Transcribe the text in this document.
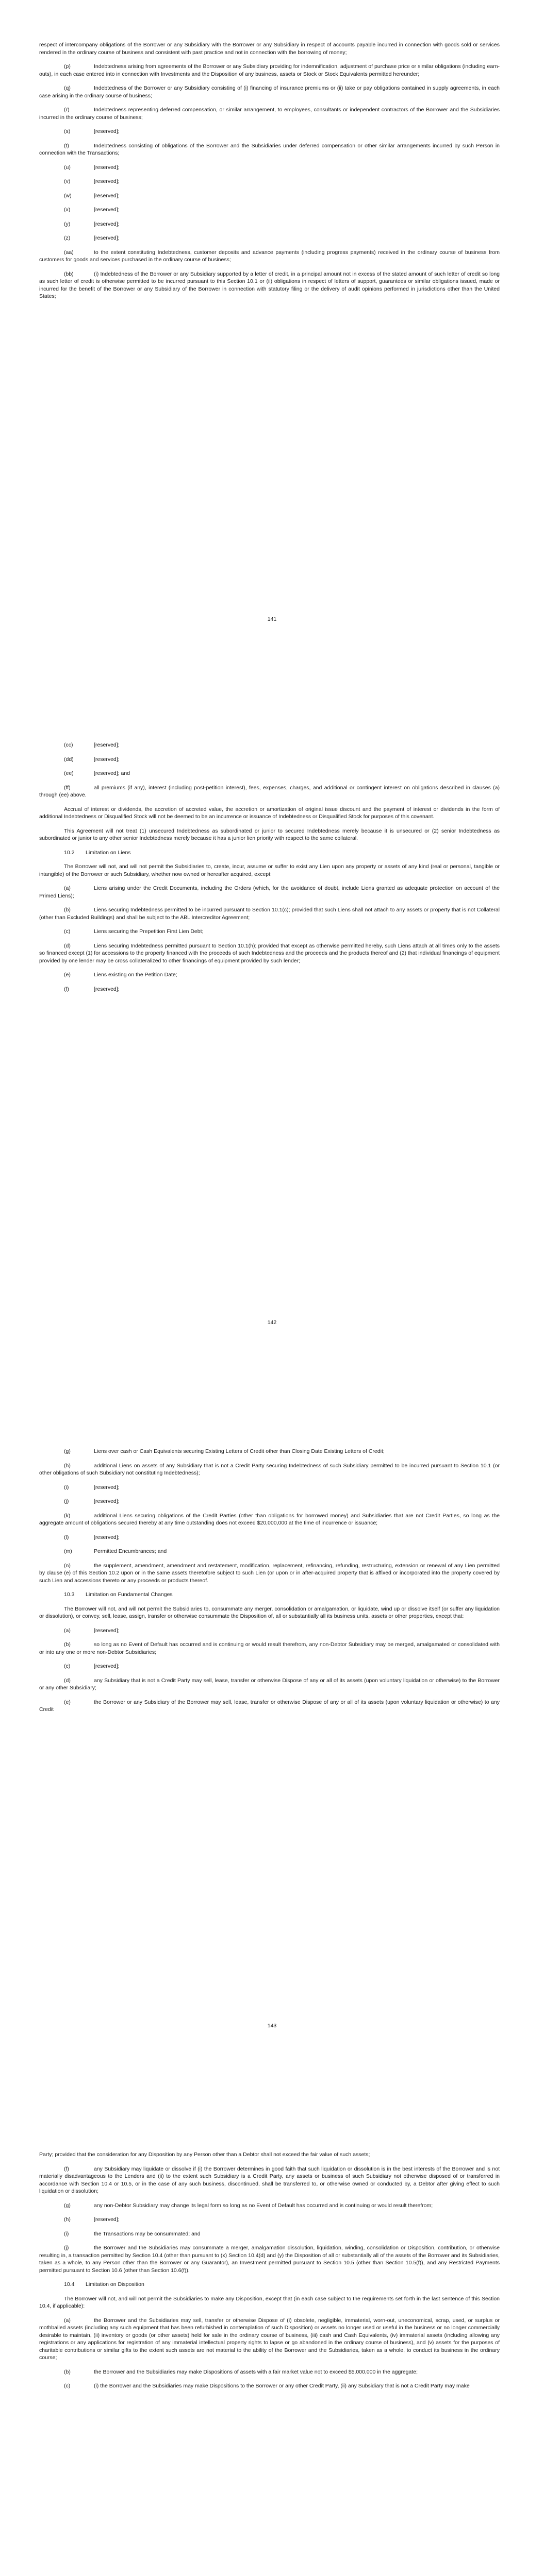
respect of intercompany obligations of the Borrower or any Subsidiary with the Borrower or any Subsidiary in respect of accounts payable incurred in connection with goods sold or services rendered in the ordinary course of business and consistent with past practice and not in connection with the borrowing of money;

(p)	Indebtedness arising from agreements of the Borrower or any Subsidiary providing for indemnification, adjustment of purchase price or similar obligations (including earn-outs), in each case entered into in connection with Investments and the Disposition of any business, assets or Stock or Stock Equivalents permitted hereunder;

(q)	Indebtedness of the Borrower or any Subsidiary consisting of (i) financing of insurance premiums or (ii) take or pay obligations contained in supply agreements, in each case arising in the ordinary course of business;

(r)	Indebtedness representing deferred compensation, or similar arrangement, to employees, consultants or independent contractors of the Borrower and the Subsidiaries incurred in the ordinary course of business;

(s)	[reserved];

(t)	Indebtedness consisting of obligations of the Borrower and the Subsidiaries under deferred compensation or other similar arrangements incurred by such Person in connection with the Transactions;

(u)	[reserved];

(v)	[reserved];

(w)	[reserved];

(x)	[reserved];

(y)	[reserved];

(z)	[reserved];

(aa)	to the extent constituting Indebtedness, customer deposits and advance payments (including progress payments) received in the ordinary course of business from customers for goods and services purchased in the ordinary course of business;

(bb)	(i) Indebtedness of the Borrower or any Subsidiary supported by a letter of credit, in a principal amount not in excess of the stated amount of such letter of credit so long as such letter of credit is otherwise permitted to be incurred pursuant to this Section 10.1 or (ii) obligations in respect of letters of support, guarantees or similar obligations issued, made or incurred for the benefit of the Borrower or any Subsidiary of the Borrower in connection with statutory filing or the delivery of audit opinions performed in jurisdictions other than the United States;

141

(cc)	[reserved];

(dd)	[reserved];

(ee)	[reserved]; and

(ff)	all premiums (if any), interest (including post-petition interest), fees, expenses, charges, and additional or contingent interest on obligations described in clauses (a) through (ee) above.

Accrual of interest or dividends, the accretion of accreted value, the accretion or amortization of original issue discount and the payment of interest or dividends in the form of additional Indebtedness or Disqualified Stock will not be deemed to be an incurrence or issuance of Indebtedness or Disqualified Stock for purposes of this covenant.

This Agreement will not treat (1) unsecured Indebtedness as subordinated or junior to secured Indebtedness merely because it is unsecured or (2) senior Indebtedness as subordinated or junior to any other senior Indebtedness merely because it has a junior lien priority with respect to the same collateral.

10.2 Limitation on Liens

The Borrower will not, and will not permit the Subsidiaries to, create, incur, assume or suffer to exist any Lien upon any property or assets of any kind (real or personal, tangible or intangible) of the Borrower or such Subsidiary, whether now owned or hereafter acquired, except:

(a)	Liens arising under the Credit Documents, including the Orders (which, for the avoidance of doubt, include Liens granted as adequate protection on account of the Primed Liens);

(b)	Liens securing Indebtedness permitted to be incurred pursuant to Section 10.1(c); provided that such Liens shall not attach to any assets or property that is not Collateral (other than Excluded Buildings) and shall be subject to the ABL Intercreditor Agreement;

(c)	Liens securing the Prepetition First Lien Debt;

(d)	Liens securing Indebtedness permitted pursuant to Section 10.1(h); provided that except as otherwise permitted hereby, such Liens attach at all times only to the assets so financed except (1) for accessions to the property financed with the proceeds of such Indebtedness and the proceeds and the products thereof and (2) that individual financings of equipment provided by one lender may be cross collateralized to other financings of equipment provided by such lender;

(e)	Liens existing on the Petition Date;

(f)	[reserved];

142

(g)	Liens over cash or Cash Equivalents securing Existing Letters of Credit other than Closing Date Existing Letters of Credit;

(h)	additional Liens on assets of any Subsidiary that is not a Credit Party securing Indebtedness of such Subsidiary permitted to be incurred pursuant to Section 10.1 (or other obligations of such Subsidiary not constituting Indebtedness);

(i)	[reserved];

(j)	[reserved];

(k)	additional Liens securing obligations of the Credit Parties (other than obligations for borrowed money) and Subsidiaries that are not Credit Parties, so long as the aggregate amount of obligations secured thereby at any time outstanding does not exceed $20,000,000 at the time of incurrence or issuance;

(l)	[reserved];

(m)	Permitted Encumbrances; and

(n)	the supplement, amendment, amendment and restatement, modification, replacement, refinancing, refunding, restructuring, extension or renewal of any Lien permitted by clause (e) of this Section 10.2 upon or in the same assets theretofore subject to such Lien (or upon or in after-acquired property that is affixed or incorporated into the property covered by such Lien and accessions thereto or any proceeds or products thereof.

10.3 Limitation on Fundamental Changes

The Borrower will not, and will not permit the Subsidiaries to, consummate any merger, consolidation or amalgamation, or liquidate, wind up or dissolve itself (or suffer any liquidation or dissolution), or convey, sell, lease, assign, transfer or otherwise consummate the Disposition of, all or substantially all its business units, assets or other properties, except that:

(a)	[reserved];

(b)	so long as no Event of Default has occurred and is continuing or would result therefrom, any non-Debtor Subsidiary may be merged, amalgamated or consolidated with or into any one or more non-Debtor Subsidiaries;

(c)	[reserved];

(d)	any Subsidiary that is not a Credit Party may sell, lease, transfer or otherwise Dispose of any or all of its assets (upon voluntary liquidation or otherwise) to the Borrower or any other Subsidiary;

(e)	the Borrower or any Subsidiary of the Borrower may sell, lease, transfer or otherwise Dispose of any or all of its assets (upon voluntary liquidation or otherwise) to any Credit

143

Party; provided that the consideration for any Disposition by any Person other than a Debtor shall not exceed the fair value of such assets;

(f)	any Subsidiary may liquidate or dissolve if (i) the Borrower determines in good faith that such liquidation or dissolution is in the best interests of the Borrower and is not materially disadvantageous to the Lenders and (ii) to the extent such Subsidiary is a Credit Party, any assets or business of such Subsidiary not otherwise disposed of or transferred in accordance with Section 10.4 or 10.5, or in the case of any such business, discontinued, shall be transferred to, or otherwise owned or conducted by, a Debtor after giving effect to such liquidation or dissolution;

(g)	any non-Debtor Subsidiary may change its legal form so long as no Event of Default has occurred and is continuing or would result therefrom;

(h)	[reserved];

(i)	the Transactions may be consummated; and

(j)	the Borrower and the Subsidiaries may consummate a merger, amalgamation dissolution, liquidation, winding, consolidation or Disposition, contribution, or otherwise resulting in, a transaction permitted by Section 10.4 (other than pursuant to (x) Section 10.4(d) and (y) the Disposition of all or substantially all of the assets of the Borrower and its Subsidiaries, taken as a whole, to any Person other than the Borrower or any Guarantor), an Investment permitted pursuant to Section 10.5 (other than Section 10.5(f)), and any Restricted Payments permitted pursuant to Section 10.6 (other than Section 10.6(f)).

10.4 Limitation on Disposition

The Borrower will not, and will not permit the Subsidiaries to make any Disposition, except that (in each case subject to the requirements set forth in the last sentence of this Section 10.4, if applicable):

(a)	the Borrower and the Subsidiaries may sell, transfer or otherwise Dispose of (i) obsolete, negligible, immaterial, worn-out, uneconomical, scrap, used, or surplus or mothballed assets (including any such equipment that has been refurbished in contemplation of such Disposition) or assets no longer used or useful in the business or no longer commercially desirable to maintain, (ii) inventory or goods (or other assets) held for sale in the ordinary course of business, (iii) cash and Cash Equivalents, (iv) immaterial assets (including allowing any registrations or any applications for registration of any immaterial intellectual property rights to lapse or go abandoned in the ordinary course of business), and (v) assets for the purposes of charitable contributions or similar gifts to the extent such assets are not material to the ability of the Borrower and the Subsidiaries, taken as a whole, to conduct its business in the ordinary course;

(b)	the Borrower and the Subsidiaries may make Dispositions of assets with a fair market value not to exceed $5,000,000 in the aggregate;

(c)	(i) the Borrower and the Subsidiaries may make Dispositions to the Borrower or any other Credit Party, (ii) any Subsidiary that is not a Credit Party may make
